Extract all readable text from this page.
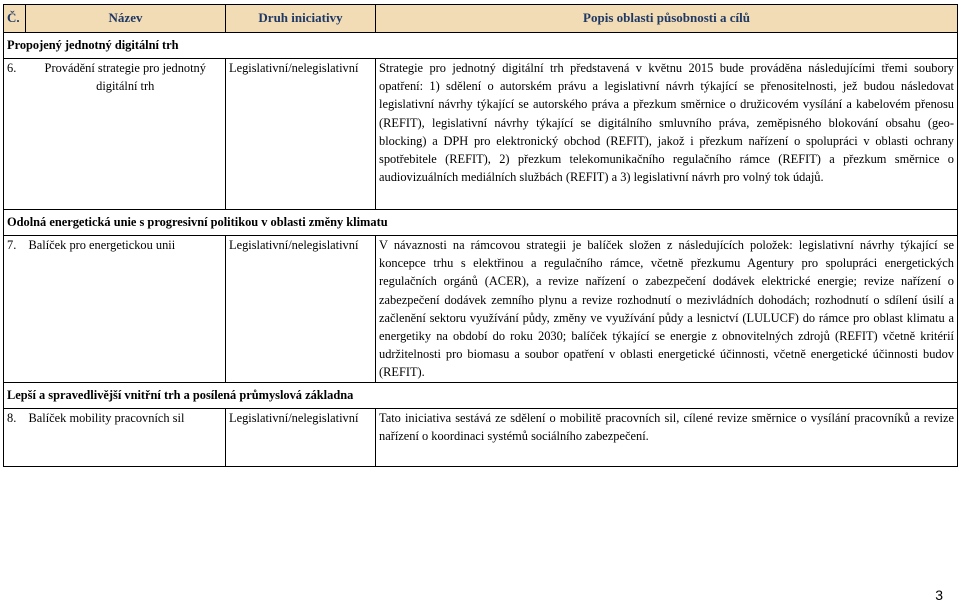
Č.	Název	Druh iniciativy	Popis oblasti působnosti a cílů
Propojený jednotný digitální trh			
6.	Provádění strategie pro jednotný digitální trh	Legislativní/nelegislativní	Strategie pro jednotný digitální trh představená v květnu 2015 bude prováděna následujícími třemi soubory opatření: 1) sdělení o autorském právu a legislativní návrh týkající se přenositelnosti, jež budou následovat legislativní návrhy týkající se autorského práva a přezkum směrnice o družicovém vysílání a kabelovém přenosu (REFIT), legislativní návrhy týkající se digitálního smluvního práva, zeměpisného blokování obsahu (geo-blocking) a DPH pro elektronický obchod (REFIT), jakož i přezkum nařízení o spolupráci v oblasti ochrany spotřebitele (REFIT), 2) přezkum telekomunikačního regulačního rámce (REFIT) a přezkum směrnice o audiovizuálních mediálních službách (REFIT) a 3) legislativní návrh pro volný tok údajů.
Odolná energetická unie s progresivní politikou v oblasti změny klimatu			
7.	Balíček pro energetickou unii	Legislativní/nelegislativní	V návaznosti na rámcovou strategii je balíček složen z následujících položek: legislativní návrhy týkající se koncepce trhu s elektřinou a regulačního rámce, včetně přezkumu Agentury pro spolupráci energetických regulačních orgánů (ACER), a revize nařízení o zabezpečení dodávek elektrické energie; revize nařízení o zabezpečení dodávek zemního plynu a revize rozhodnutí o mezivládních dohodách; rozhodnutí o sdílení úsilí a začlenění sektoru využívání půdy, změny ve využívání půdy a lesnictví (LULUCF) do rámce pro oblast klimatu a energetiky na období do roku 2030; balíček týkající se energie z obnovitelných zdrojů (REFIT) včetně kritérií udržitelnosti pro biomasu a soubor opatření v oblasti energetické účinnosti, včetně energetické účinnosti budov (REFIT).
Lepší a spravedlivější vnitřní trh a posílená průmyslová základna			
8.	Balíček mobility pracovních sil	Legislativní/nelegislativní	Tato iniciativa sestává ze sdělení o mobilitě pracovních sil, cílené revize směrnice o vysílání pracovníků a revize nařízení o koordinaci systémů sociálního zabezpečení.
3
